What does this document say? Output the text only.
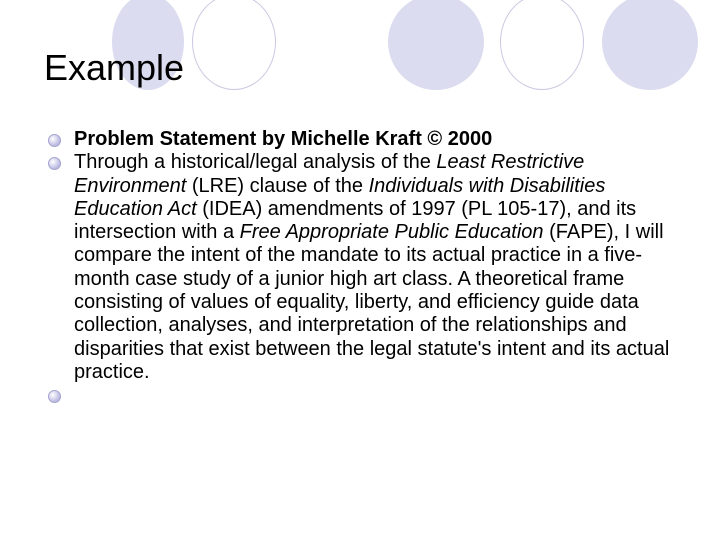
Example
Problem Statement by Michelle Kraft © 2000
Through a historical/legal analysis of the Least Restrictive Environment (LRE) clause of the Individuals with Disabilities Education Act (IDEA) amendments of 1997 (PL 105-17), and its intersection with a Free Appropriate Public Education (FAPE), I will compare the intent of the mandate to its actual practice in a five-month case study of a junior high art class. A theoretical frame consisting of values of equality, liberty, and efficiency guide data collection, analyses, and interpretation of the relationships and disparities that exist between the legal statute's intent and its actual practice.
